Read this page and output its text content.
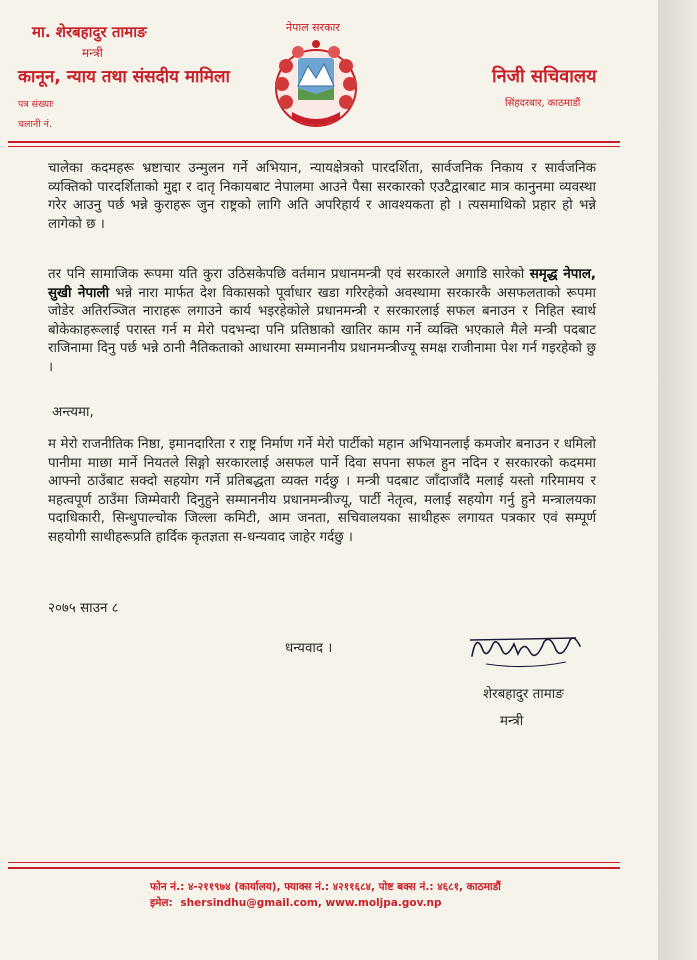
मा. शेरबहादुर तामाङ
मन्त्री
कानून, न्याय तथा संसदीय मामिला
पत्र संख्याः
चलानी नं.
नेपाल सरकार
निजी सचिवालय
सिंहदरबार, काठमाडौं
चालेका कदमहरू भ्रष्टाचार उन्मुलन गर्ने अभियान, न्यायक्षेत्रको पारदर्शिता, सार्वजनिक निकाय र सार्वजनिक व्यक्तिको पारदर्शिताको मुद्दा र दातृ निकायबाट नेपालमा आउने पैसा सरकारको एउटैद्वारबाट मात्र कानुनमा व्यवस्था गरेर आउनु पर्छ भन्ने कुराहरू जुन राष्ट्रको लागि अति अपरिहार्य र आवश्यकता हो । त्यसमाथिको प्रहार हो भन्ने लागेको छ ।
तर पनि सामाजिक रूपमा यति कुरा उठिसकेपछि वर्तमान प्रधानमन्त्री एवं सरकारले अगाडि सारेको समृद्ध नेपाल, सुखी नेपाली भन्ने नारा मार्फत देश विकासको पूर्वाधार खडा गरिरहेको अवस्थामा सरकारकै असफलताको रूपमा जोडेर अतिरञ्जित नाराहरू लगाउने कार्य भइरहेकोले प्रधानमन्त्री र सरकारलाई सफल बनाउन र निहित स्वार्थ बोकेकाहरूलाई परास्त गर्न म मेरो पदभन्दा पनि प्रतिष्ठाको खातिर काम गर्ने व्यक्ति भएकाले मैले मन्त्री पदबाट राजिनामा दिनु पर्छ भन्ने ठानी नैतिकताको आधारमा सम्माननीय प्रधानमन्त्रीज्यू समक्ष राजीनामा पेश गर्न गइरहेको छु ।
अन्त्यमा,
म मेरो राजनीतिक निष्ठा, इमानदारिता र राष्ट्र निर्माण गर्ने मेरो पार्टीको महान अभियानलाई कमजोर बनाउन र धमिलो पानीमा माछा मार्ने नियतले सिङ्गो सरकारलाई असफल पार्ने दिवा सपना सफल हुन नदिन र सरकारको कदममा आफ्नो ठाउँबाट सक्दो सहयोग गर्ने प्रतिबद्धता व्यक्त गर्दछु । मन्त्री पदबाट जाँदाजाँदै मलाई यस्तो गरिमामय र महत्वपूर्ण ठाउँमा जिम्मेवारी दिनुहुने सम्माननीय प्रधानमन्त्रीज्यू, पार्टी नेतृत्व, मलाई सहयोग गर्नु हुने मन्त्रालयका पदाधिकारी, सिन्धुपाल्चोक जिल्ला कमिटी, आम जनता, सचिवालयका साथीहरू लगायत पत्रकार एवं सम्पूर्ण सहयोगी साथीहरूप्रति हार्दिक कृतज्ञता स-धन्यवाद जाहेर गर्दछु ।
२०७५ साउन ८
धन्यवाद ।
शेरबहादुर तामाङ
मन्त्री
फोन नं.: ४-२११९७४ (कार्यालय), फ्याक्स नं.: ४२११६८४, पोष्ट बक्स नं.: ४६८१, काठमाडौं
इमेल: shersindhu@gmail.com, www.moljpa.gov.np
